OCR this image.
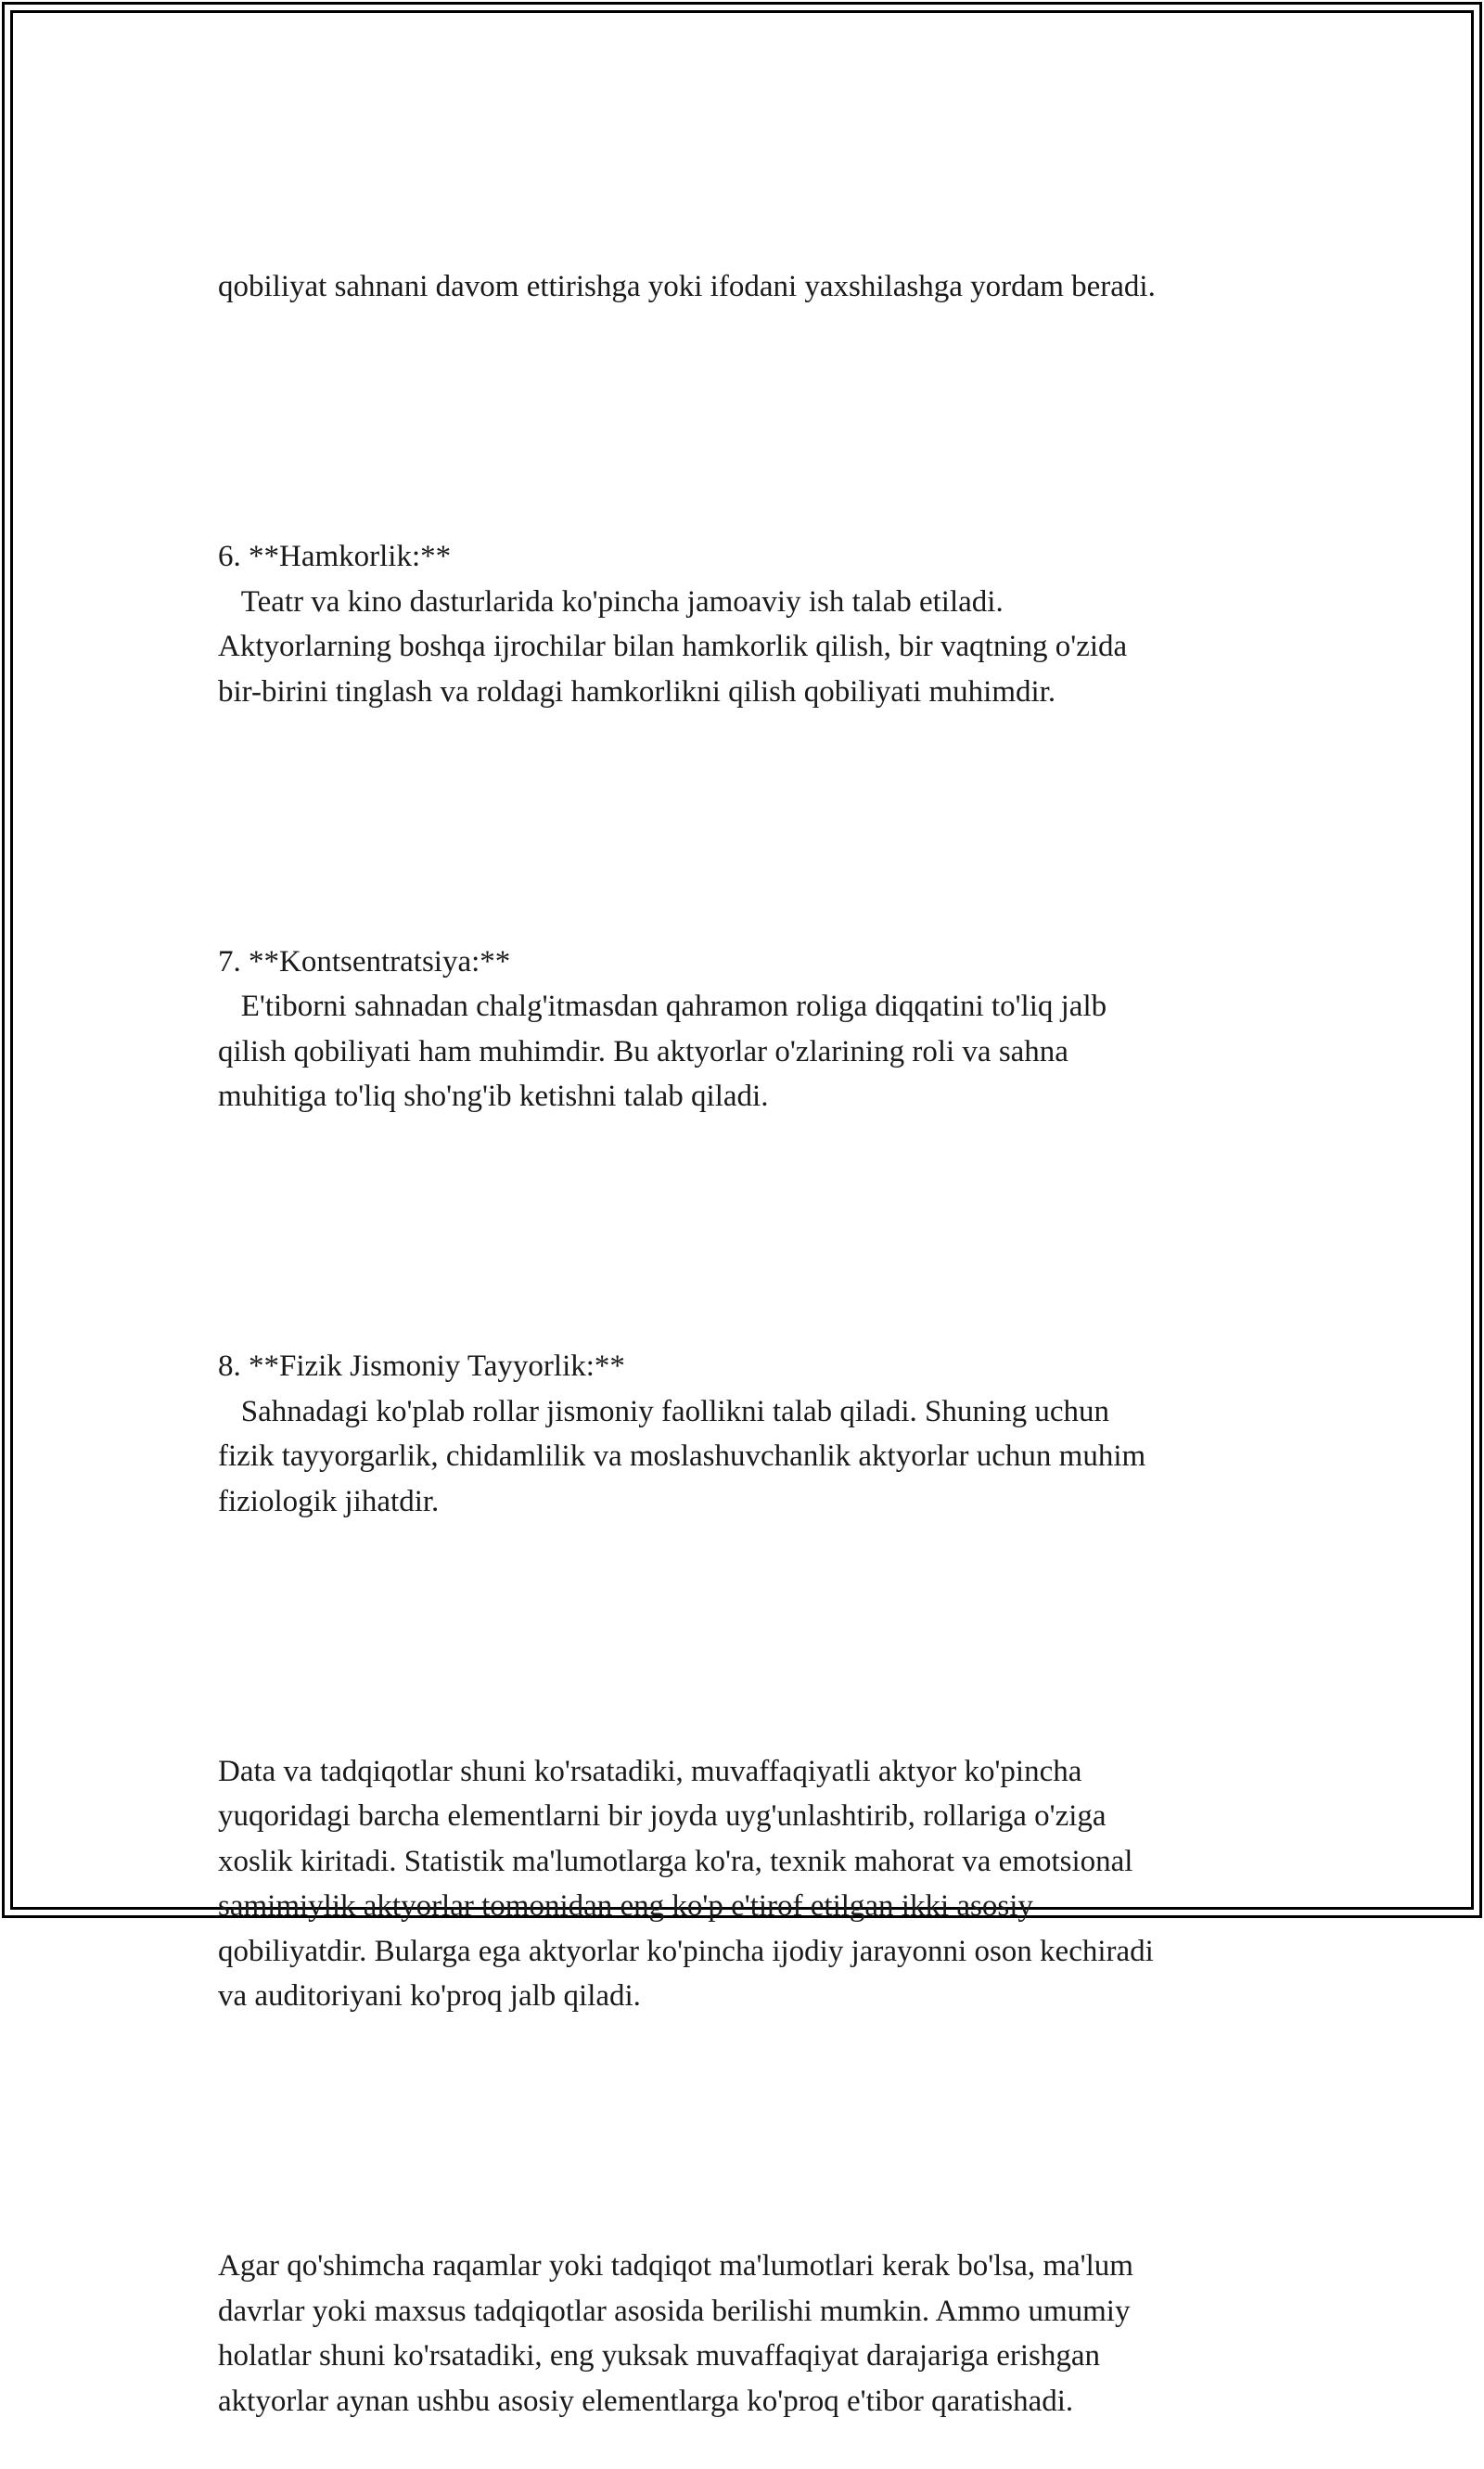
qobiliyat sahnani davom ettirishga yoki ifodani yaxshilashga yordam beradi.

6. **Hamkorlik:**
Teatr va kino dasturlarida ko'pincha jamoaviy ish talab etiladi.
Aktyorlarning boshqa ijrochilar bilan hamkorlik qilish, bir vaqtning o'zida
bir-birini tinglash va roldagi hamkorlikni qilish qobiliyati muhimdir.

7. **Kontsentratsiya:**
E'tiborni sahnadan chalg'itmasdan qahramon roliga diqqatini to'liq jalb
qilish qobiliyati ham muhimdir. Bu aktyorlar o'zlarining roli va sahna
muhitiga to'liq sho'ng'ib ketishni talab qiladi.

8. **Fizik Jismoniy Tayyorlik:**
Sahnadagi ko'plab rollar jismoniy faollikni talab qiladi. Shuning uchun
fizik tayyorgarlik, chidamlilik va moslashuvchanlik aktyorlar uchun muhim
fiziologik jihatdir.

Data va tadqiqotlar shuni ko'rsatadiki, muvaffaqiyatli aktyor ko'pincha
yuqoridagi barcha elementlarni bir joyda uyg'unlashtirib, rollariga o'ziga
xoslik kiritadi. Statistik ma'lumotlarga ko'ra, texnik mahorat va emotsional
samimiylik aktyorlar tomonidan eng ko'p e'tirof etilgan ikki asosiy
qobiliyatdir. Bularga ega aktyorlar ko'pincha ijodiy jarayonni oson kechiradi
va auditoriyani ko'proq jalb qiladi.

Agar qo'shimcha raqamlar yoki tadqiqot ma'lumotlari kerak bo'lsa, ma'lum
davrlar yoki maxsus tadqiqotlar asosida berilishi mumkin. Ammo umumiy
holatlar shuni ko'rsatadiki, eng yuksak muvaffaqiyat darajariga erishgan
aktyorlar aynan ushbu asosiy elementlarga ko'proq e'tibor qaratishadi.
